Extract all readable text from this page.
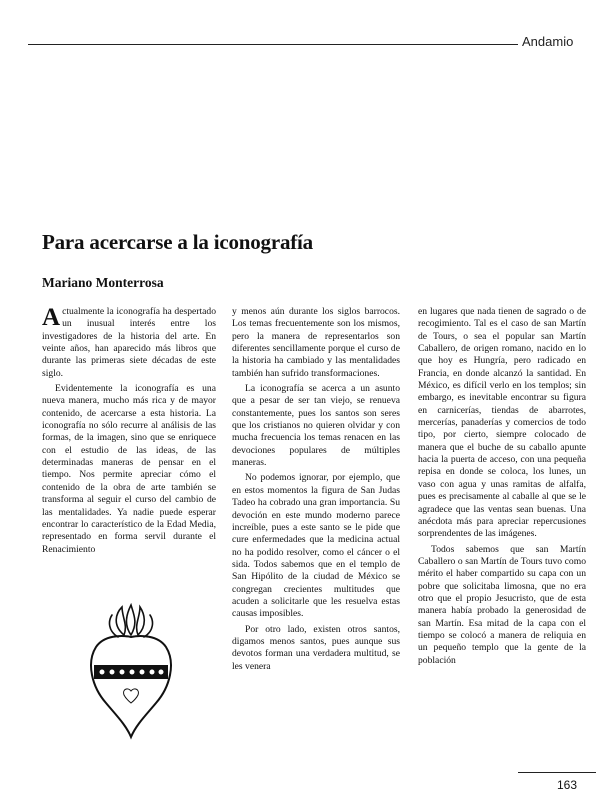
Andamio
Para acercarse a la iconografía
Mariano Monterrosa

Actualmente la iconografía ha despertado un inusual interés entre los investigadores de la historia del arte. En veinte años, han aparecido más libros que durante las primeras siete décadas de este siglo.

Evidentemente la iconografía es una nueva manera, mucho más rica y de mayor contenido, de acercarse a esta historia. La iconografía no sólo recurre al análisis de las formas, de la imagen, sino que se enriquece con el estudio de las ideas, de las determinadas maneras de pensar en el tiempo. Nos permite apreciar cómo el contenido de la obra de arte también se transforma al seguir el curso del cambio de las mentalidades. Ya nadie puede esperar encontrar lo característico de la Edad Media, representado en forma servil durante el Renacimiento

y menos aún durante los siglos barrocos. Los temas frecuentemente son los mismos, pero la manera de representarlos son diferentes sencillamente porque el curso de la historia ha cambiado y las mentalidades también han sufrido transformaciones.

La iconografía se acerca a un asunto que a pesar de ser tan viejo, se renueva constantemente, pues los santos son seres que los cristianos no quieren olvidar y con mucha frecuencia los temas renacen en las devociones populares de múltiples maneras.

No podemos ignorar, por ejemplo, que en estos momentos la figura de San Judas Tadeo ha cobrado una gran importancia. Su devoción en este mundo moderno parece increíble, pues a este santo se le pide que cure enfermedades que la medicina actual no ha podido resolver, como el cáncer o el sida. Todos sabemos que en el templo de San Hipólito de la ciudad de México se congregan crecientes multitudes que acuden a solicitarle que les resuelva estas causas imposibles.

Por otro lado, existen otros santos, digamos menos santos, pues aunque sus devotos forman una verdadera multitud, se les venera

en lugares que nada tienen de sagrado o de recogimiento. Tal es el caso de san Martín de Tours, o sea el popular san Martín Caballero, de origen romano, nacido en lo que hoy es Hungría, pero radicado en Francia, en donde alcanzó la santidad. En México, es difícil verlo en los templos; sin embargo, es inevitable encontrar su figura en carnicerías, tiendas de abarrotes, mercerías, panaderías y comercios de todo tipo, por cierto, siempre colocado de manera que el buche de su caballo apunte hacia la puerta de acceso, con una pequeña repisa en donde se coloca, los lunes, un vaso con agua y unas ramitas de alfalfa, pues es precisamente al caballe al que se le agradece que las ventas sean buenas. Una anécdota más para apreciar repercusiones sorprendentes de las imágenes.

Todos sabemos que san Martín Caballero o san Martín de Tours tuvo como mérito el haber compartido su capa con un pobre que solicitaba limosna, que no era otro que el propio Jesucristo, que de esta manera había probado la generosidad de san Martín. Esa mitad de la capa con el tiempo se colocó a manera de reliquia en un pequeño templo que la gente de la población

163
